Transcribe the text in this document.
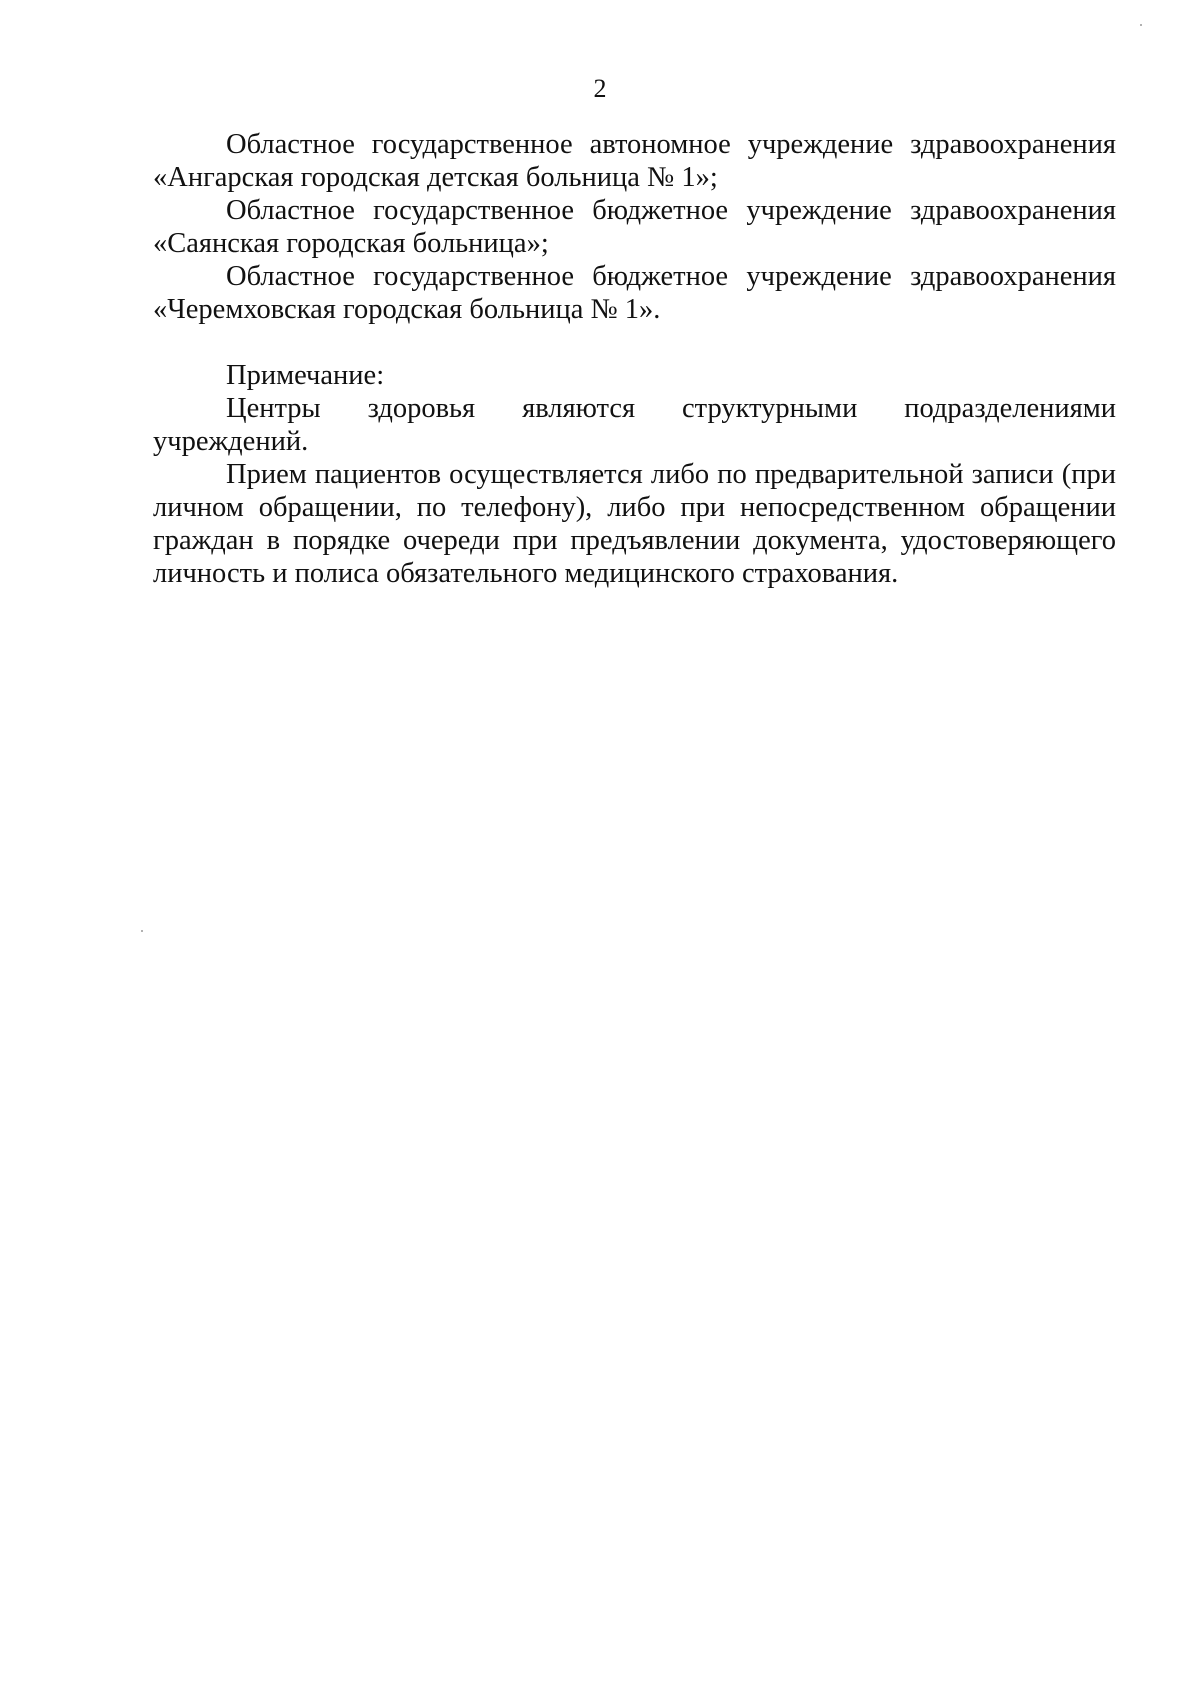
2

Областное государственное автономное учреждение здравоохранения «Ангарская городская детская больница № 1»;

Областное государственное бюджетное учреждение здравоохранения «Саянская городская больница»;

Областное государственное бюджетное учреждение здравоохранения «Черемховская городская больница № 1».

Примечание:

Центры здоровья являются структурными подразделениями учреждений.

Прием пациентов осуществляется либо по предварительной записи (при личном обращении, по телефону), либо при непосредственном обращении граждан в порядке очереди при предъявлении документа, удостоверяющего личность и полиса обязательного медицинского страхования.
